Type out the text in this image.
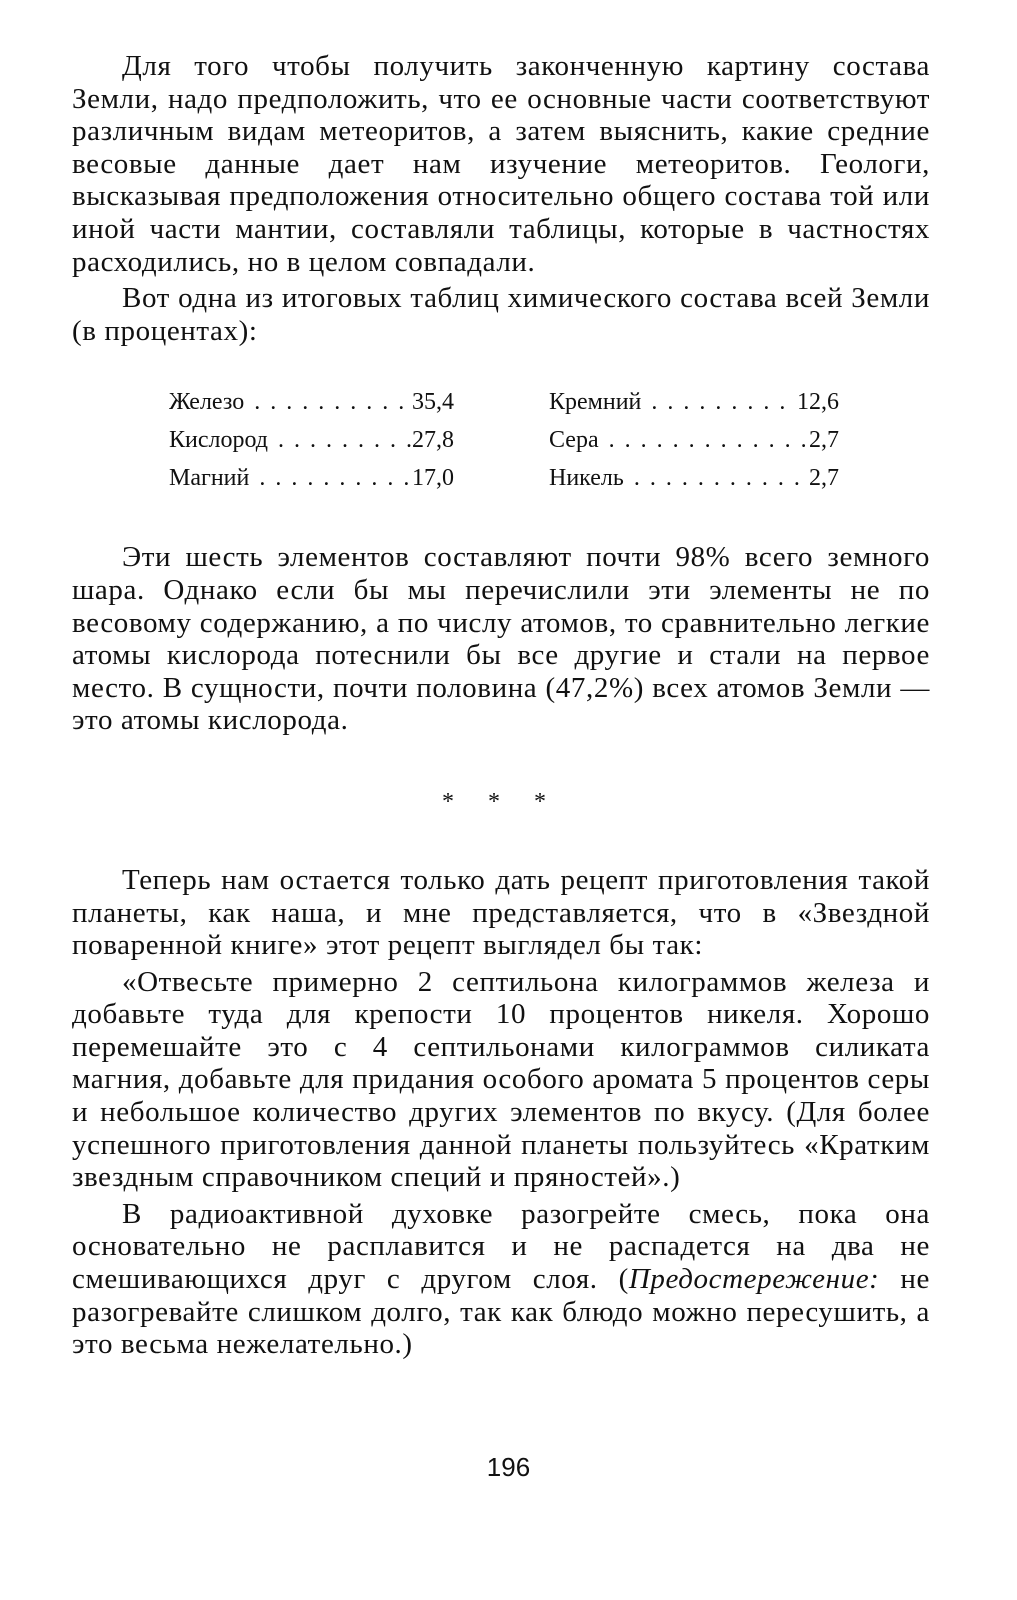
Для того чтобы получить законченную картину состава Земли, надо предположить, что ее основные части соответствуют различным видам метеоритов, а затем выяснить, какие средние весовые данные дает нам изучение метеоритов. Геологи, высказывая предположения относительно общего состава той или иной части мантии, составляли таблицы, которые в частностях расходились, но в целом совпадали.

Вот одна из итоговых таблиц химического состава всей Земли (в процентах):

Железо . . .	35,4	Кремний . . .	12,6
Кислород . . .	27,8	Сера . . .	2,7
Магний . . .	17,0	Никель . . .	2,7

Эти шесть элементов составляют почти 98% всего земного шара. Однако если бы мы перечислили эти элементы не по весовому содержанию, а по числу атомов, то сравнительно легкие атомы кислорода потеснили бы все другие и стали на первое место. В сущности, почти половина (47,2%) всех атомов Земли — это атомы кислорода.

* * *

Теперь нам остается только дать рецепт приготовления такой планеты, как наша, и мне представляется, что в «Звездной поваренной книге» этот рецепт выглядел бы так:

«Отвесьте примерно 2 септильона килограммов железа и добавьте туда для крепости 10 процентов никеля. Хорошо перемешайте это с 4 септильонами килограммов силиката магния, добавьте для придания особого аромата 5 процентов серы и небольшое количество других элементов по вкусу. (Для более успешного приготовления данной планеты пользуйтесь «Кратким звездным справочником специй и пряностей».)

В радиоактивной духовке разогрейте смесь, пока она основательно не расплавится и не распадется на два не смешивающихся друг с другом слоя. (Предостережение: не разогревайте слишком долго, так как блюдо можно пересушить, а это весьма нежелательно.)

196
